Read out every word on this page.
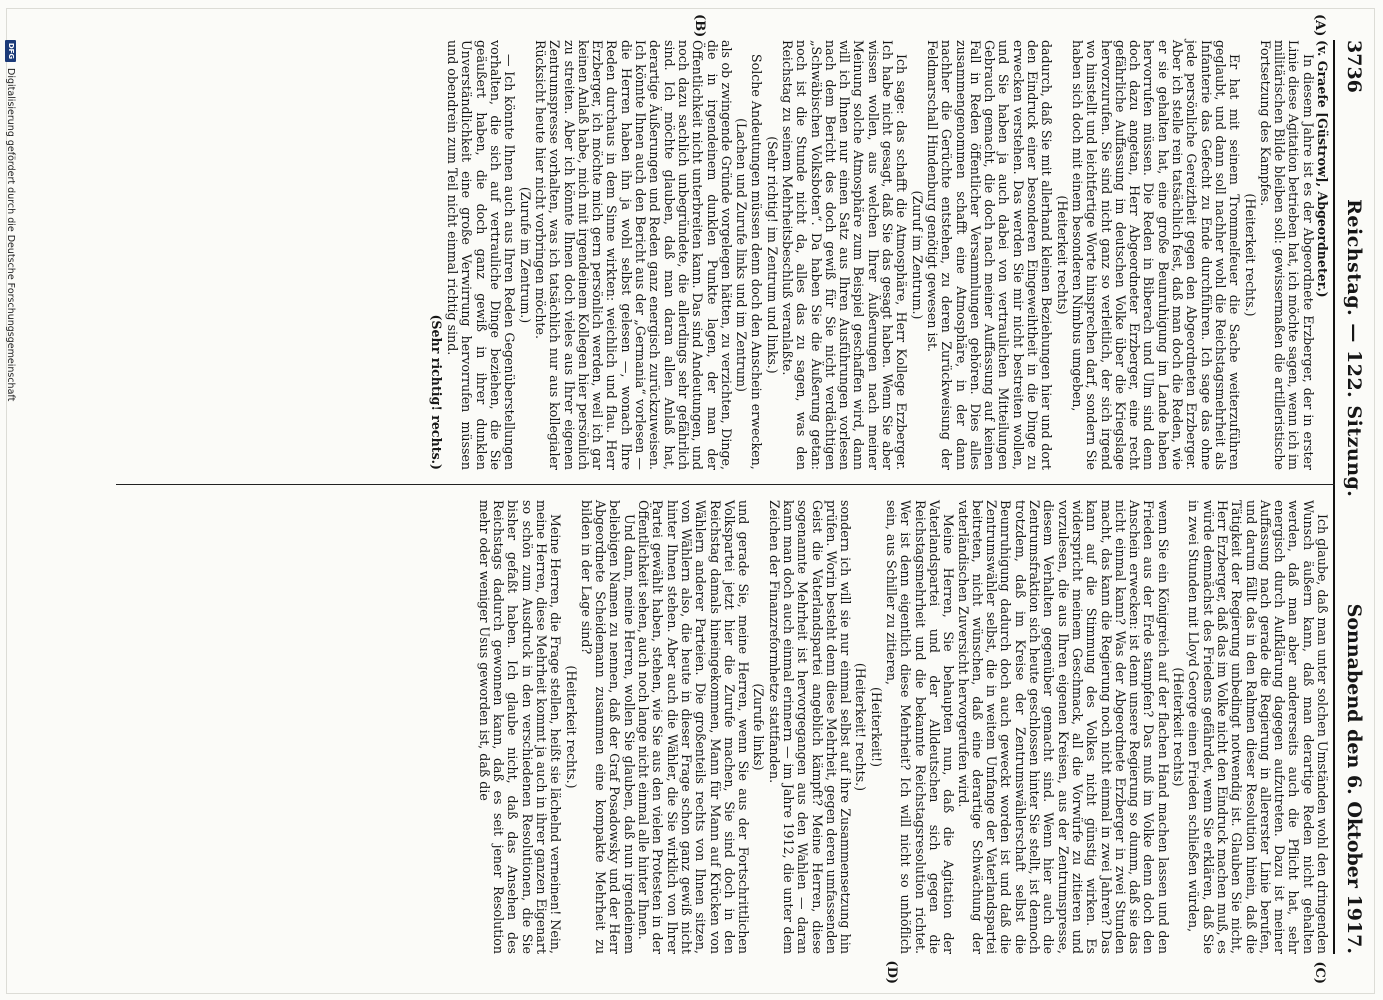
3736
Reichstag. — 122. Sitzung.
Sonnabend den 6. Oktober 1917.
(A)
(B)
(C)
(D)

(v. Graefe [Güstrow], Abgeordneter.)

In diesem Jahre ist es der Abgeordnete Erzberger, der in erster Linie diese Agitation betrieben hat, ich möchte sagen, wenn ich im militärischen Bilde bleiben soll: gewissermaßen die artilleristische Fortsetzung des Kampfes.

(Heiterkeit rechts.)

Er hat mit seinem Trommelfeuer die Sache weiterzuführen geglaubt, und dann soll nachher wohl die Reichstagsmehrheit als Infanterie das Gefecht zu Ende durchführen. Ich sage das ohne jede persönliche Gereiztheit gegen den Abgeordneten Erzberger. Aber ich stelle rein tatsächlich fest, daß man doch die Reden, wie er sie gehalten hat, eine große Beunruhigung im Lande haben hervorrufen müssen. Die Reden in Biberach und Ulm sind denn doch dazu angetan, Herr Abgeordneter Erzberger, eine recht gefährliche Auffassung im deutschen Volke über die Kriegslage hervorzurufen. Sie sind nicht ganz so verleitlich, der sich irgend wo hinstellt und leichtfertige Worte hinsprechen darf, sondern Sie haben sich doch mit einem besonderen Nimbus umgeben,

(Heiterkeit rechts)

dadurch, daß Sie mit allerhand kleinen Beziehungen hier und dort den Eindruck einer besonderen Eingeweihtheit in die Dinge zu erwecken verstehen. Das werden Sie mir nicht bestreiten wollen, und Sie haben ja auch dabei von vertraulichen Mitteilungen Gebrauch gemacht, die doch nach meiner Auffassung auf keinen Fall in Reden öffentlicher Versammlungen gehören. Dies alles zusammengenommen schafft eine Atmosphäre, in der dann nachher die Gerüchte entstehen, zu deren Zurückweisung der Feldmarschall Hindenburg genötigt gewesen ist.

(Zuruf im Zentrum.)

Ich sage: das schafft die Atmosphäre, Herr Kollege Erzberger. Ich habe nicht gesagt, daß Sie das gesagt haben. Wenn Sie aber wissen wollen, aus welchen Ihrer Äußerungen nach meiner Meinung solche Atmosphäre zum Beispiel geschaffen wird, dann will ich Ihnen nur einen Satz aus Ihren Ausführungen vorlesen nach dem Bericht des doch gewiß für Sie nicht verdächtigen „Schwäbischen Volksboten“. Da haben Sie die Äußerung getan: noch ist die Stunde nicht da, alles das zu sagen, was den Reichstag zu seinem Mehrheitsbeschluß veranlaßte.

(Sehr richtig! im Zentrum und links.)

Solche Andeutungen müssen denn doch den Anschein erwecken,

(Lachen und Zurufe links und im Zentrum)

als ob zwingende Gründe vorgelegen hätten, zu verzichten, Dinge, die in irgendeinem dunklen Punkte lagen, der man der Öffentlichkeit nicht unterbreiten kann. Das sind Andeutungen, und noch dazu sachlich unbegründete, die allerdings sehr gefährlich sind. Ich möchte glauben, daß man daran allen Anlaß hat, derartige Äußerungen und Reden ganz energisch zurückzuweisen. Ich könnte Ihnen auch den Bericht aus der „Germania“ vorlesen — die Herren haben ihn ja wohl selbst gelesen —, wonach Ihre Reden durchaus in dem Sinne wirkten: weichlich und flau. Herr Erzberger, ich möchte mich gern persönlich werden, weil ich gar keinen Anlaß habe, mich mit irgendeinem Kollegen hier persönlich zu streiten. Aber ich könnte Ihnen doch vieles aus Ihrer eigenen Zentrumspresse vorhalten, was ich tatsächlich nur aus kollegialer Rücksicht heute hier nicht vorbringen möchte.

(Zurufe im Zentrum.)

— Ich könnte Ihnen auch aus Ihren Reden Gegenüberstellungen vorhalten, die sich auf vertrauliche Dinge beziehen, die Sie geäußert haben, die doch ganz gewiß in ihrer dunklen Unverständlichkeit eine große Verwirrung hervorrufen müssen und obendrein zum Teil nicht einmal richtig sind.

(Sehr richtig! rechts.)

Ich glaube, daß man unter solchen Umständen wohl den dringenden Wunsch äußern kann, daß man derartige Reden nicht gehalten werden, daß man aber andererseits auch die Pflicht hat, sehr energisch durch Aufklärung dagegen aufzutreten. Dazu ist meiner Auffassung nach gerade die Regierung in allererster Linie berufen, und darum fällt das in den Rahmen dieser Resolution hinein, daß die Tätigkeit der Regierung unbedingt notwendig ist. Glauben Sie nicht, Herr Erzberger, daß das im Volke nicht den Eindruck machen muß, es würde demnächst des Friedens gefährdet, wenn Sie erklären, daß Sie in zwei Stunden mit Lloyd George einen Frieden schließen würden,

(Heiterkeit rechts)

wenn Sie ein Königreich auf der flachen Hand machen lassen und den Frieden aus der Erde stampfen? Das muß im Volke denn doch den Anschein erwecken: ist denn unsere Regierung so dumm, daß sie das nicht einmal kann? Was der Abgeordnete Erzberger in zwei Stunden macht, das kann die Regierung noch nicht einmal in zwei Jahren? Das kann auf die Stimmung des Volkes nicht günstig wirken. Es widerspricht meinem Geschmack, all die Vorwürfe zu zitieren und vorzulesen, die aus Ihren eigenen Kreisen, aus der Zentrumspresse, diesem Verhalten gegenüber gemacht sind. Wenn hier auch die Zentrumsfraktion sich heute geschlossen hinter Sie stellt, ist dennoch trotzdem, daß im Kreise der Zentrumswählerschaft selbst die Beunruhigung dadurch doch auch geweckt worden ist und daß die Zentrumswähler selbst, die in weitem Umfange der Vaterlandspartei beitreten, nicht wünschen, daß eine derartige Schwächung der vaterländischen Zuversicht hervorgerufen wird.

Meine Herren, Sie behaupten nun, daß die Agitation der Vaterlandspartei und der Alldeutschen sich gegen die Reichstagsmehrheit und die bekannte Reichstagsresolution richtet. Wer ist denn eigentlich diese Mehrheit? Ich will nicht so unhöflich sein, aus Schiller zu zitieren,

(Heiterkeit!)

(Heiterkeit! rechts.)

sondern ich will sie nur einmal selbst auf ihre Zusammensetzung hin prüfen. Worin besteht denn diese Mehrheit, gegen deren umfassenden Geist die Vaterlandspartei angeblich kämpft? Meine Herren, diese sogenannte Mehrheit ist hervorgegangen aus den Wahlen — daran kann man doch auch einmal erinnern — im Jahre 1912, die unter dem Zeichen der Finanzreformhetze stattfanden.

(Zurufe links)

und gerade Sie, meine Herren, wenn Sie aus der Fortschrittlichen Volkspartei jetzt hier die Zurufe machen, Sie sind doch in den Reichstag damals hineingekommen, Mann für Mann auf Krücken von Wählern anderer Parteien. Die großenteils rechts von Ihnen sitzen, von Wählern also, die heute in dieser Frage schon ganz gewiß nicht hinter Ihnen stehen. Aber auch die Wähler, die Sie wirklich von Ihrer Partei gewählt haben, stehen, wie Sie aus den vielen Protesten in der Öffentlichkeit sehen, auch noch lange nicht einmal alle hinter Ihnen.

Und dann, meine Herren, wollen Sie glauben, daß nun irgendeinem beliebigen Namen zu nennen, daß der Graf Posadowsky und der Herr Abgeordnete Scheidemann zusammen eine kompakte Mehrheit zu bilden in der Lage sind?

(Heiterkeit rechts.)

Meine Herren, die Frage stellen, heißt sie lächelnd verneinen! Nein, meine Herren, diese Mehrheit kommt ja auch in ihrer ganzen Eigenart so schön zum Ausdruck in den verschiedenen Resolutionen, die Sie bisher gefaßt haben. Ich glaube nicht, daß das Ansehen des Reichstags dadurch gewonnen kann, daß es seit jener Resolution mehr oder weniger Usus geworden ist, daß die

DFG
Digitalisierung gefördert durch die Deutsche Forschungsgemeinschaft
